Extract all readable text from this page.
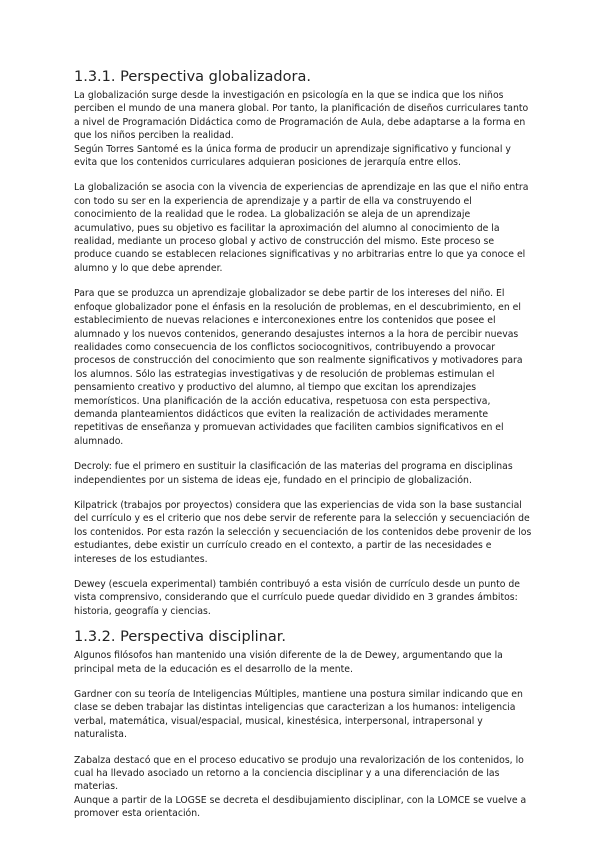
1.3.1. Perspectiva globalizadora.

La globalización surge desde la investigación en psicología en la que se indica que los niños perciben el mundo de una manera global. Por tanto, la planificación de diseños curriculares tanto a nivel de Programación Didáctica como de Programación de Aula, debe adaptarse a la forma en que los niños perciben la realidad.

Según Torres Santomé es la única forma de producir un aprendizaje significativo y funcional y evita que los contenidos curriculares adquieran posiciones de jerarquía entre ellos.

La globalización se asocia con la vivencia de experiencias de aprendizaje en las que el niño entra con todo su ser en la experiencia de aprendizaje y a partir de ella va construyendo el conocimiento de la realidad que le rodea. La globalización se aleja de un aprendizaje acumulativo, pues su objetivo es facilitar la aproximación del alumno al conocimiento de la realidad, mediante un proceso global y activo de construcción del mismo. Este proceso se produce cuando se establecen relaciones significativas y no arbitrarias entre lo que ya conoce el alumno y lo que debe aprender.

Para que se produzca un aprendizaje globalizador se debe partir de los intereses del niño. El enfoque globalizador pone el énfasis en la resolución de problemas, en el descubrimiento, en el establecimiento de nuevas relaciones e interconexiones entre los contenidos que posee el alumnado y los nuevos contenidos, generando desajustes internos a la hora de percibir nuevas realidades como consecuencia de los conflictos sociocognitivos, contribuyendo a provocar procesos de construcción del conocimiento que son realmente significativos y motivadores para los alumnos. Sólo las estrategias investigativas y de resolución de problemas estimulan el pensamiento creativo y productivo del alumno, al tiempo que excitan los aprendizajes memorísticos. Una planificación de la acción educativa, respetuosa con esta perspectiva, demanda planteamientos didácticos que eviten la realización de actividades meramente repetitivas de enseñanza y promuevan actividades que faciliten cambios significativos en el alumnado.

Decroly: fue el primero en sustituir la clasificación de las materias del programa en disciplinas independientes por un sistema de ideas eje, fundado en el principio de globalización.

Kilpatrick (trabajos por proyectos) considera que las experiencias de vida son la base sustancial del currículo y es el criterio que nos debe servir de referente para la selección y secuenciación de los contenidos. Por esta razón la selección y secuenciación de los contenidos debe provenir de los estudiantes, debe existir un currículo creado en el contexto, a partir de las necesidades e intereses de los estudiantes.

Dewey (escuela experimental) también contribuyó a esta visión de currículo desde un punto de vista comprensivo, considerando que el currículo puede quedar dividido en 3 grandes ámbitos: historia, geografía y ciencias.

1.3.2. Perspectiva disciplinar.

Algunos filósofos han mantenido una visión diferente de la de Dewey, argumentando que la principal meta de la educación es el desarrollo de la mente.

Gardner con su teoría de Inteligencias Múltiples, mantiene una postura similar indicando que en clase se deben trabajar las distintas inteligencias que caracterizan a los humanos: inteligencia verbal, matemática, visual/espacial, musical, kinestésica, interpersonal, intrapersonal y naturalista.

Zabalza destacó que en el proceso educativo se produjo una revalorización de los contenidos, lo cual ha llevado asociado un retorno a la conciencia disciplinar y a una diferenciación de las materias.

Aunque a partir de la LOGSE se decreta el desdibujamiento disciplinar, con la LOMCE se vuelve a promover esta orientación.
